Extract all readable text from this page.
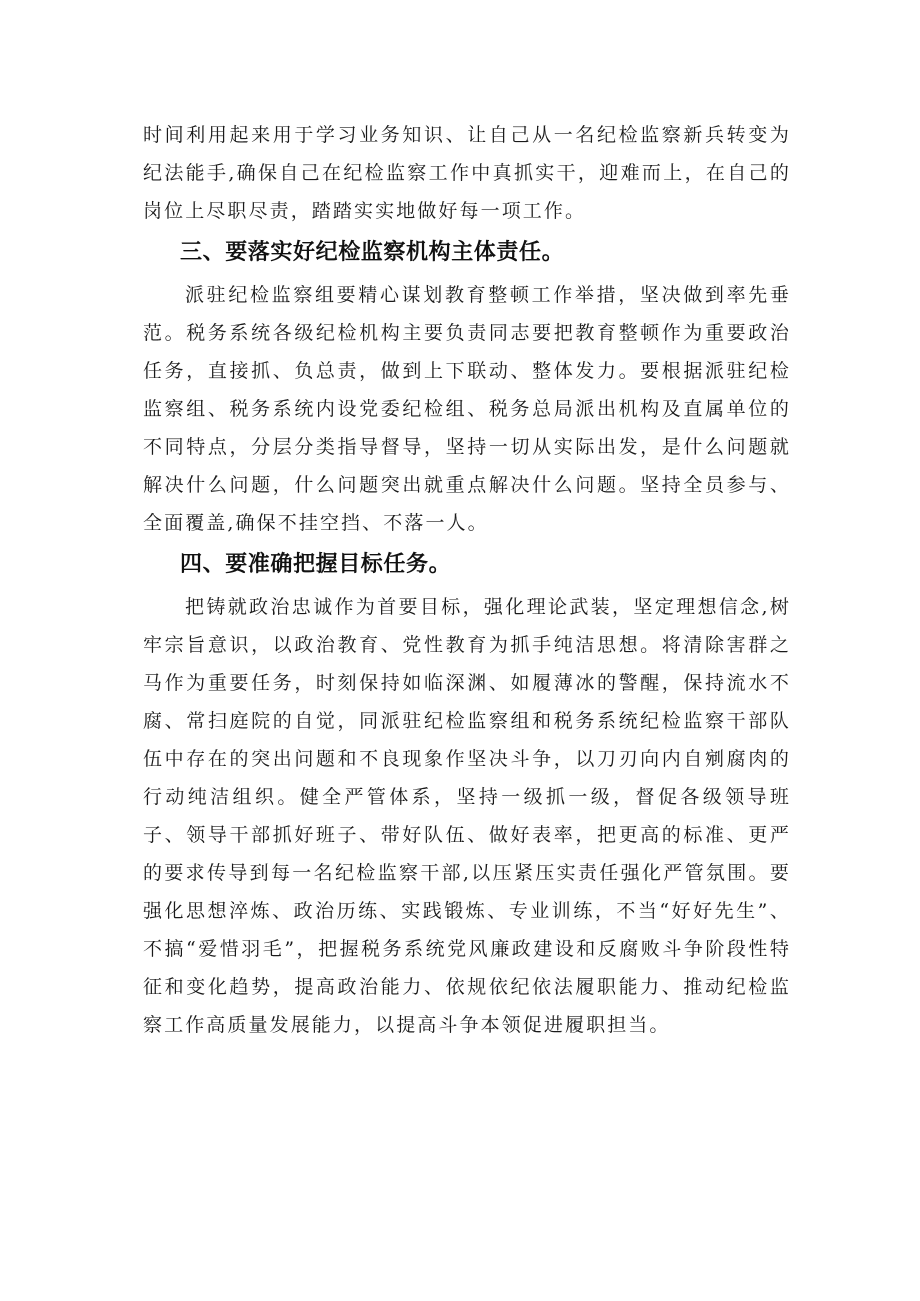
时间利用起来用于学习业务知识、让自己从一名纪检监察新兵转变为纪法能手,确保自己在纪检监察工作中真抓实干，迎难而上，在自己的岗位上尽职尽责，踏踏实实地做好每一项工作。

三、要落实好纪检监察机构主体责任。

派驻纪检监察组要精心谋划教育整顿工作举措，坚决做到率先垂范。税务系统各级纪检机构主要负责同志要把教育整顿作为重要政治任务，直接抓、负总责，做到上下联动、整体发力。要根据派驻纪检监察组、税务系统内设党委纪检组、税务总局派出机构及直属单位的不同特点，分层分类指导督导，坚持一切从实际出发，是什么问题就解决什么问题，什么问题突出就重点解决什么问题。坚持全员参与、全面覆盖,确保不挂空挡、不落一人。

四、要准确把握目标任务。

把铸就政治忠诚作为首要目标，强化理论武装，坚定理想信念,树牢宗旨意识，以政治教育、党性教育为抓手纯洁思想。将清除害群之马作为重要任务，时刻保持如临深渊、如履薄冰的警醒，保持流水不腐、常扫庭院的自觉，同派驻纪检监察组和税务系统纪检监察干部队伍中存在的突出问题和不良现象作坚决斗争，以刀刃向内自剜腐肉的行动纯洁组织。健全严管体系，坚持一级抓一级，督促各级领导班子、领导干部抓好班子、带好队伍、做好表率，把更高的标准、更严的要求传导到每一名纪检监察干部,以压紧压实责任强化严管氛围。要强化思想淬炼、政治历练、实践锻炼、专业训练，不当“好好先生”、不搞“爱惜羽毛”，把握税务系统党风廉政建设和反腐败斗争阶段性特征和变化趋势，提高政治能力、依规依纪依法履职能力、推动纪检监察工作高质量发展能力，以提高斗争本领促进履职担当。
